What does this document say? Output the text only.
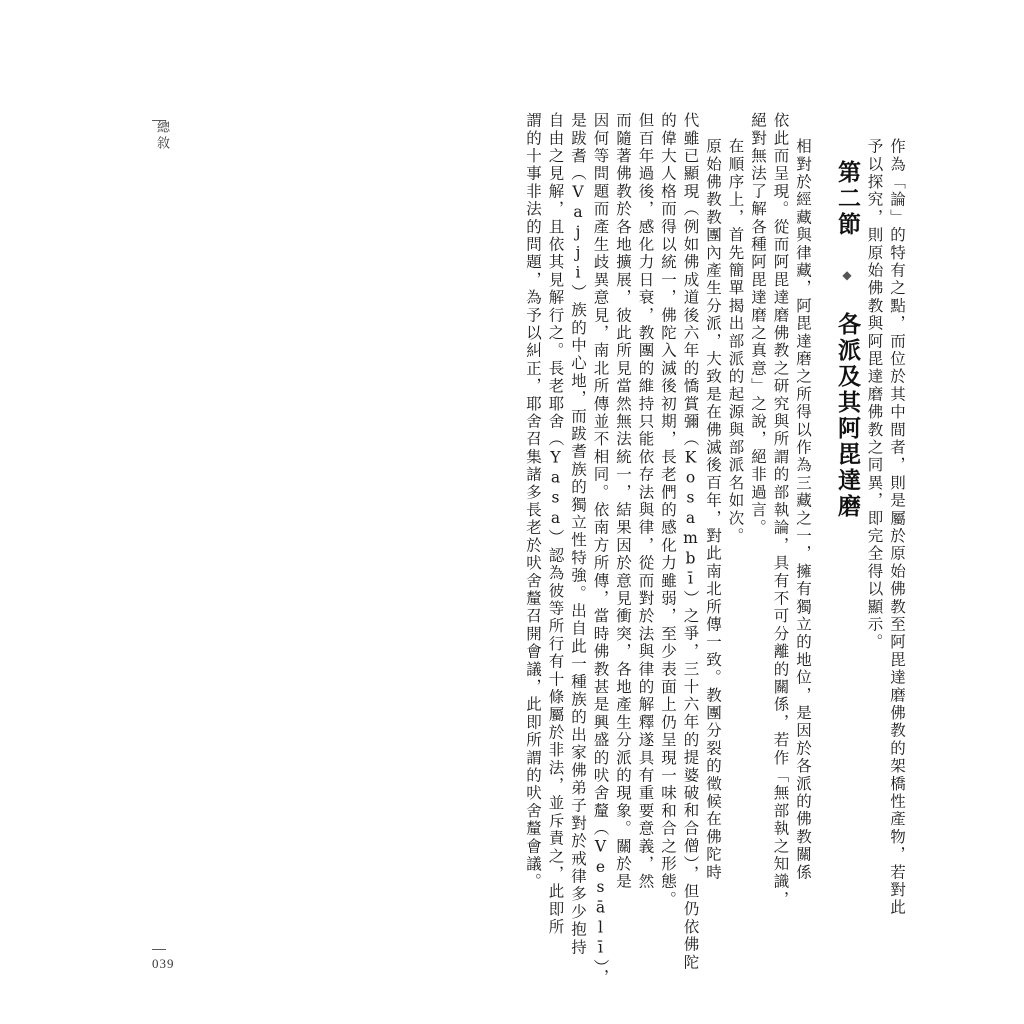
總敘
039
作為「論」的特有之點，而位於其中間者，則是屬於原始佛教至阿毘達磨佛教的架橋性產物，若對此
予以探究，則原始佛教與阿毘達磨佛教之同異，即完全得以顯示。
第二節 ◆ 各派及其阿毘達磨
相對於經藏與律藏，阿毘達磨之所得以作為三藏之一，擁有獨立的地位，是因於各派的佛教關係
依此而呈現。從而阿毘達磨佛教之研究與所謂的部執論，具有不可分離的關係，若作「無部執之知識，
絕對無法了解各種阿毘達磨之真意」之說，絕非過言。
在順序上，首先簡單揭出部派的起源與部派名如次。
原始佛教教團內產生分派，大致是在佛滅後百年，對此南北所傳一致。教團分裂的徵候在佛陀時
代雖已顯現（例如佛成道後六年的憍賞彌（Kosambī）之爭，三十六年的提婆破和合僧），但仍依佛陀
的偉大人格而得以統一，佛陀入滅後初期，長老們的感化力雖弱，至少表面上仍呈現一味和合之形態。
但百年過後，感化力日衰，教團的維持只能依存法與律，從而對於法與律的解釋遂具有重要意義，然
而隨著佛教於各地擴展，彼此所見當然無法統一，結果因於意見衝突，各地產生分派的現象。關於是
因何等問題而產生歧異意見，南北所傳並不相同。依南方所傳，當時佛教甚是興盛的吠舍釐（Vesālī），
是跋耆（Vajji）族的中心地，而跋耆族的獨立性特強。出自此一種族的出家佛弟子對於戒律多少抱持
自由之見解，且依其見解行之。長老耶舍（Yasa）認為彼等所行有十條屬於非法，並斥責之，此即所
謂的十事非法的問題，為予以糾正，耶舍召集諸多長老於吠舍釐召開會議，此即所謂的吠舍釐會議。
